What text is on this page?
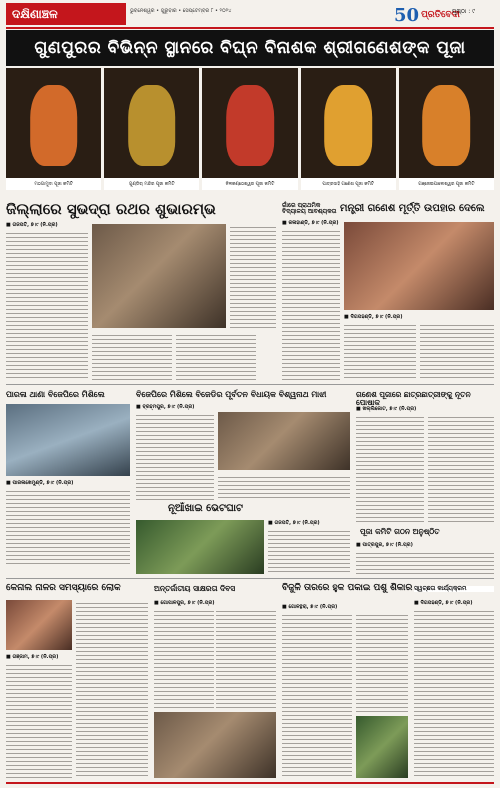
ଦକ୍ଷିଣାଞ୍ଚଳ	ଭୁବନେଶ୍ୱର • ଗୁରୁବାର • ସେପ୍ଟେମ୍ବର ୮ • ୨୦୨୪	50 ପ୍ରତିବେଦୀ
ପୃଷ୍ଠା : ୯
ଗୁଣପୁରର ବିଭିନ୍ନ ସ୍ଥାନରେ ବିଘ୍ନ ବିନାଶକ ଶ୍ରୀଗଣେଶଙ୍କ ପୂଜା
ମଠଗାମୁଦା ପୂଜା କମିଟି	ଗୁଣ୍ଡିଚା ମନ୍ଦିର ପୂଜା କମିଟି	ନିଳକଣ୍ଠେଶ୍ୱର ପୂଜା କମିଟି	ପାତ୍ରସାହି ଗଣେଶ ପୂଜା କମିଟି	ଗଞ୍ଜେଇପାଲେଶ୍ୱର ପୂଜା କମିଟି
ଜିଲ୍ଲାରେ ସୁଭଦ୍ରା ରଥର ଶୁଭାରମ୍ଭ
■ ଗଜପତି, ୭।୯ (ନି.ପ୍ର)
ଗାଁରେ ପ୍ରାଥମିକ ବିଦ୍ୟାଳୟ ଆବଶ୍ୟକତା
■ କଳାହାଣ୍ଡି, ୭।୯ (ନି.ପ୍ର)
ମନ୍ତ୍ରୀ ଗଣେଶ ମୂର୍ତ୍ତି ଉପହାର ଦେଲେ
■ ଦିଗପହଣ୍ଡି, ୭।୯ (ନି.ପ୍ର)
ପାରଳା ଥାଣା ବିଜେପିରେ ମିଶିଲେ
■ ପାରଳାଖେମୁଣ୍ଡି, ୭।୯ (ନି.ପ୍ର)
ବିଜେପିରେ ମିଶିଲେ ବିଜେଡିର ପୂର୍ବତନ ବିଧାୟକ ବିଶ୍ୱନାଥ ମାଝୀ
■ ବ୍ରହ୍ମପୁର, ୭।୯ (ନି.ପ୍ର)
ନୂଆଁଖାଇ ଭେଟଘାଟ
■ ଗଜପତି, ୭।୯ (ନି.ପ୍ର)
ଗଣେଶ ପୂଜାରେ ଛାତ୍ରଛାତ୍ରୀଙ୍କୁ ନୂତନ ପୋଷାକ
■ ଖଲ୍ଲିକୋଟ, ୭।୯ (ନି.ପ୍ର)
ପୂଜା କମିଟି ଗଠନ ଅନୁଷ୍ଠିତ
■ ପାତ୍ରପୁର, ୭।୯ (ନି.ପ୍ର)
କେନାଲ ନାଳର ସମସ୍ୟାରେ ଲୋକ
■ ଗଞ୍ଜାମ, ୭।୯ (ନି.ପ୍ର)
ଅନ୍ତର୍ଜାତୀୟ ସାକ୍ଷରତା ଦିବସ
■ ଗୋପାଳପୁର, ୭।୯ (ନି.ପ୍ର)
ବିଜୁଳି ତାରରେ ହୁକ ପକାଇ ପଶୁ ଶିକାର
■ ଗୋଳନ୍ଥରା, ୭।୯ (ନି.ପ୍ର)
ସ୍ୱଚ୍ଛତା କାର୍ଯ୍ୟକ୍ରମ
■ ଦିଗପହଣ୍ଡି, ୭।୯ (ନି.ପ୍ର)
